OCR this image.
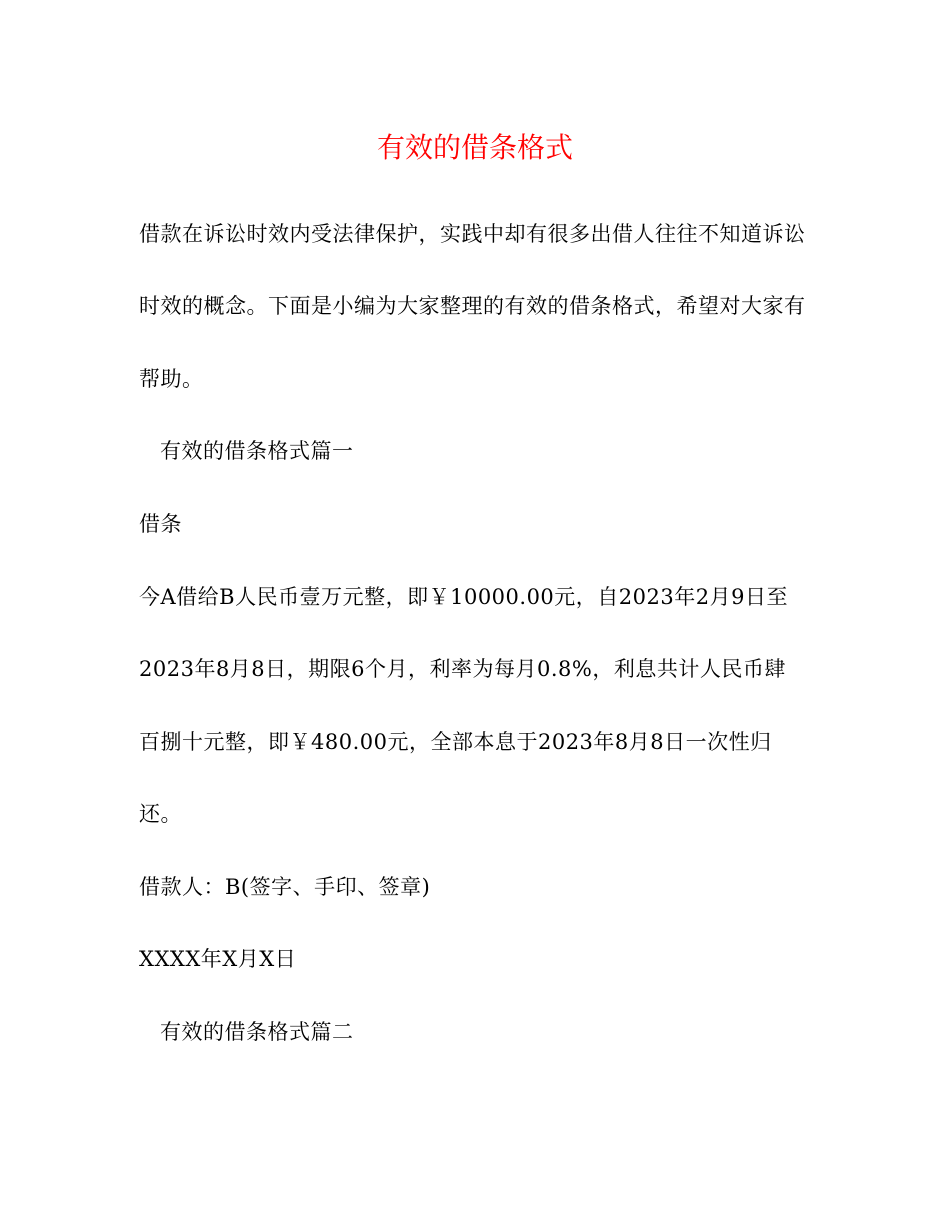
有效的借条格式
借款在诉讼时效内受法律保护，实践中却有很多出借人往往不知道诉讼
时效的概念。下面是小编为大家整理的有效的借条格式，希望对大家有
帮助。
有效的借条格式篇一
借条
今A借给B人民币壹万元整，即￥10000.00元，自2023年2月9日至
2023年8月8日，期限6个月，利率为每月0.8%，利息共计人民币肆
百捌十元整，即￥480.00元，全部本息于2023年8月8日一次性归
还。
借款人：B(签字、手印、签章)
XXXX年X月X日
有效的借条格式篇二
